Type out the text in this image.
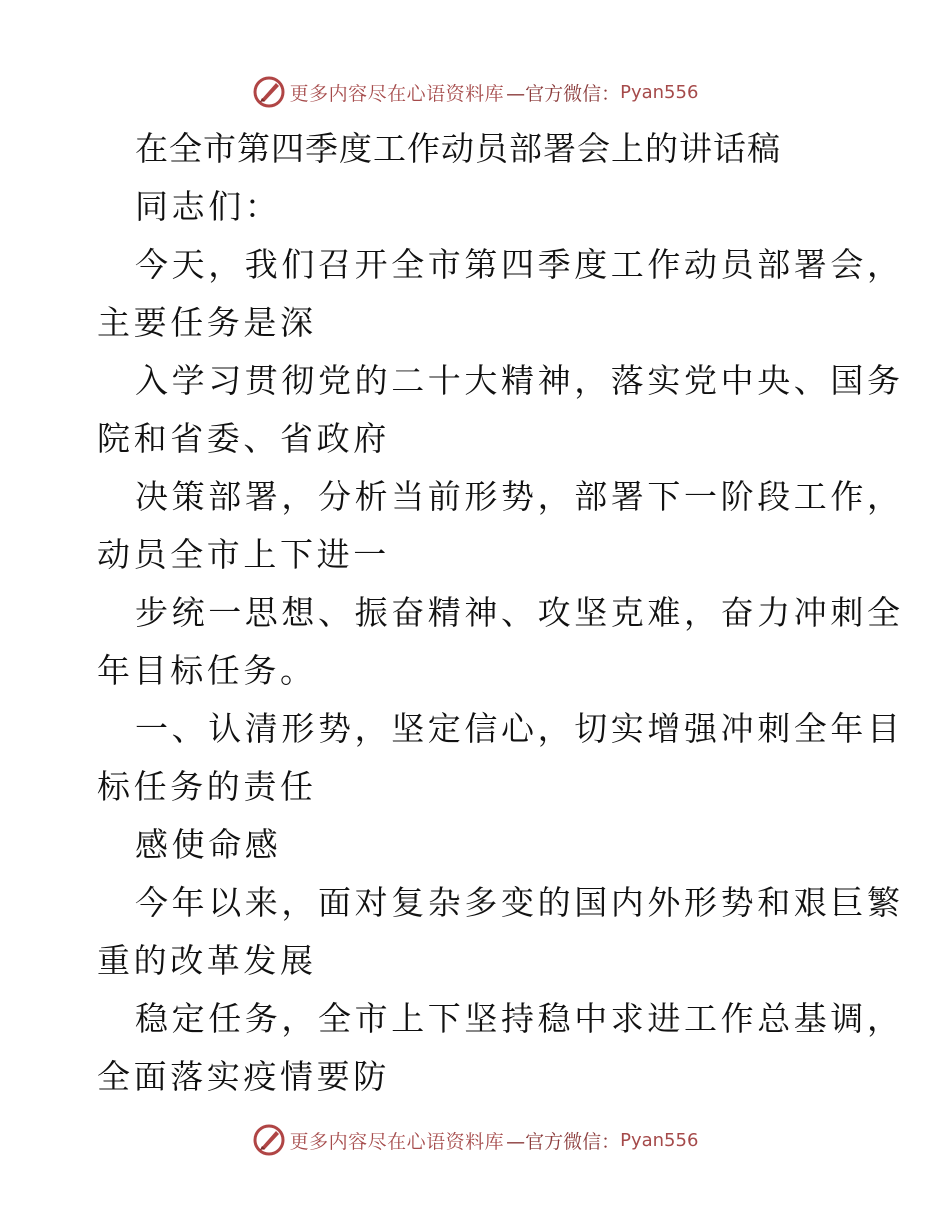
更多内容尽在心语资料库 —官方微信： Pyan556
在全市第四季度工作动员部署会上的讲话稿
同志们：
今天，我们召开全市第四季度工作动员部署会，
主要任务是深
入学习贯彻党的二十大精神，落实党中央、国务
院和省委、省政府
决策部署，分析当前形势，部署下一阶段工作，
动员全市上下进一
步统一思想、振奋精神、攻坚克难，奋力冲刺全
年目标任务。
一、认清形势，坚定信心，切实增强冲刺全年目
标任务的责任
感使命感
今年以来，面对复杂多变的国内外形势和艰巨繁
重的改革发展
稳定任务，全市上下坚持稳中求进工作总基调，
全面落实疫情要防
更多内容尽在心语资料库 —官方微信： Pyan556
